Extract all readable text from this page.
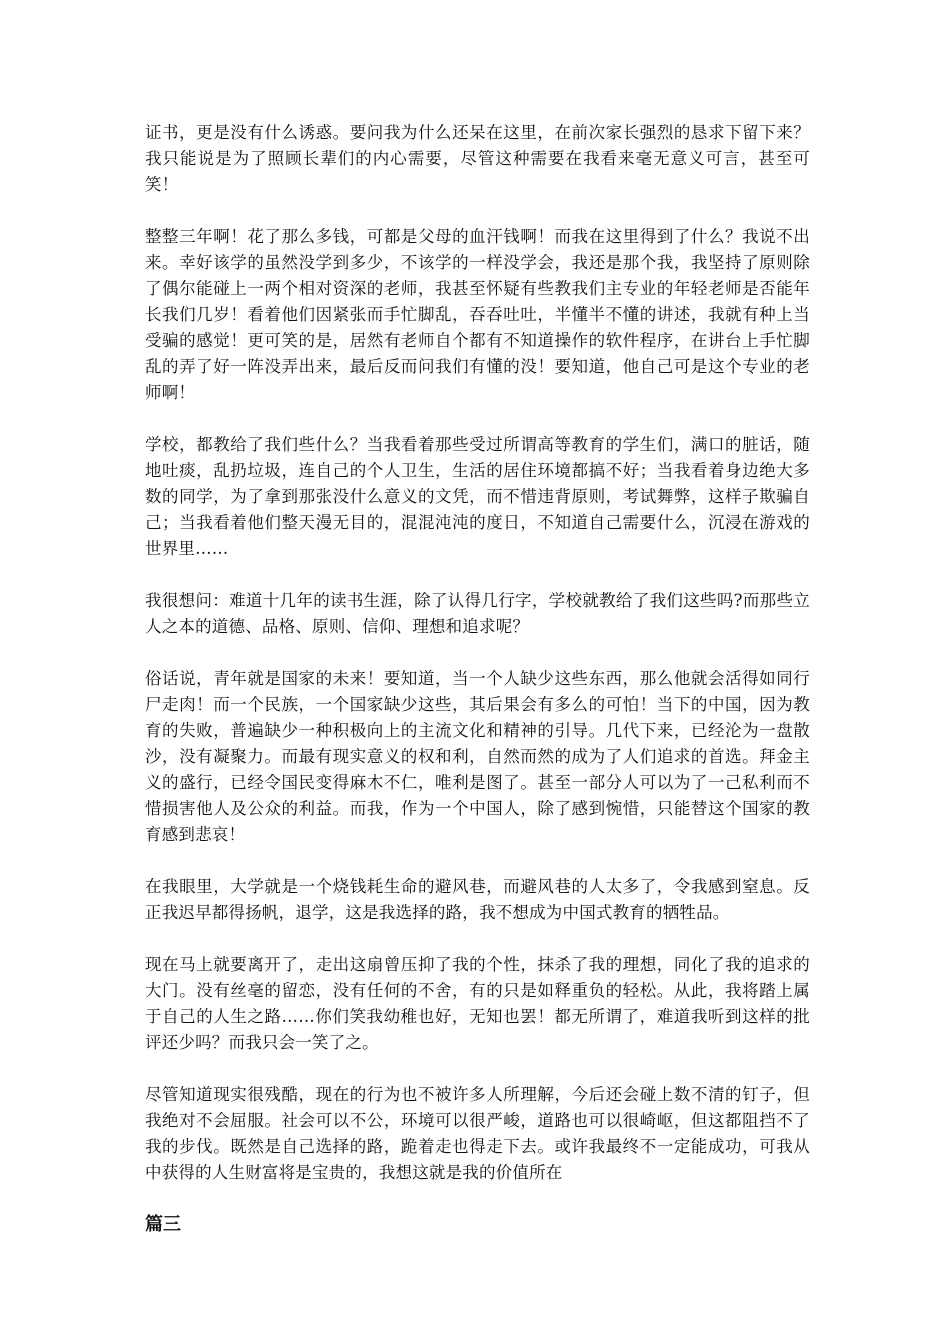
证书，更是没有什么诱惑。要问我为什么还呆在这里，在前次家长强烈的恳求下留下来？我只能说是为了照顾长辈们的内心需要，尽管这种需要在我看来毫无意义可言，甚至可笑！

整整三年啊！花了那么多钱，可都是父母的血汗钱啊！而我在这里得到了什么？我说不出来。幸好该学的虽然没学到多少，不该学的一样没学会，我还是那个我，我坚持了原则除了偶尔能碰上一两个相对资深的老师，我甚至怀疑有些教我们主专业的年轻老师是否能年长我们几岁！看着他们因紧张而手忙脚乱，吞吞吐吐，半懂半不懂的讲述，我就有种上当受骗的感觉！更可笑的是，居然有老师自个都有不知道操作的软件程序，在讲台上手忙脚乱的弄了好一阵没弄出来，最后反而问我们有懂的没！要知道，他自己可是这个专业的老师啊！

学校，都教给了我们些什么？当我看着那些受过所谓高等教育的学生们，满口的脏话，随地吐痰，乱扔垃圾，连自己的个人卫生，生活的居住环境都搞不好；当我看着身边绝大多数的同学，为了拿到那张没什么意义的文凭，而不惜违背原则，考试舞弊，这样子欺骗自己；当我看着他们整天漫无目的，混混沌沌的度日，不知道自己需要什么，沉浸在游戏的世界里……

我很想问：难道十几年的读书生涯，除了认得几行字，学校就教给了我们这些吗?而那些立人之本的道德、品格、原则、信仰、理想和追求呢？

俗话说，青年就是国家的未来！要知道，当一个人缺少这些东西，那么他就会活得如同行尸走肉！而一个民族，一个国家缺少这些，其后果会有多么的可怕！当下的中国，因为教育的失败，普遍缺少一种积极向上的主流文化和精神的引导。几代下来，已经沦为一盘散沙，没有凝聚力。而最有现实意义的权和利，自然而然的成为了人们追求的首选。拜金主义的盛行，已经令国民变得麻木不仁，唯利是图了。甚至一部分人可以为了一己私利而不惜损害他人及公众的利益。而我，作为一个中国人，除了感到惋惜，只能替这个国家的教育感到悲哀！

在我眼里，大学就是一个烧钱耗生命的避风巷，而避风巷的人太多了，令我感到窒息。反正我迟早都得扬帆，退学，这是我选择的路，我不想成为中国式教育的牺牲品。

现在马上就要离开了，走出这扇曾压抑了我的个性，抹杀了我的理想，同化了我的追求的大门。没有丝毫的留恋，没有任何的不舍，有的只是如释重负的轻松。从此，我将踏上属于自己的人生之路……你们笑我幼稚也好，无知也罢！都无所谓了，难道我听到这样的批评还少吗？而我只会一笑了之。

尽管知道现实很残酷，现在的行为也不被许多人所理解，今后还会碰上数不清的钉子，但我绝对不会屈服。社会可以不公，环境可以很严峻，道路也可以很崎岖，但这都阻挡不了我的步伐。既然是自己选择的路，跪着走也得走下去。或许我最终不一定能成功，可我从中获得的人生财富将是宝贵的，我想这就是我的价值所在

篇三
